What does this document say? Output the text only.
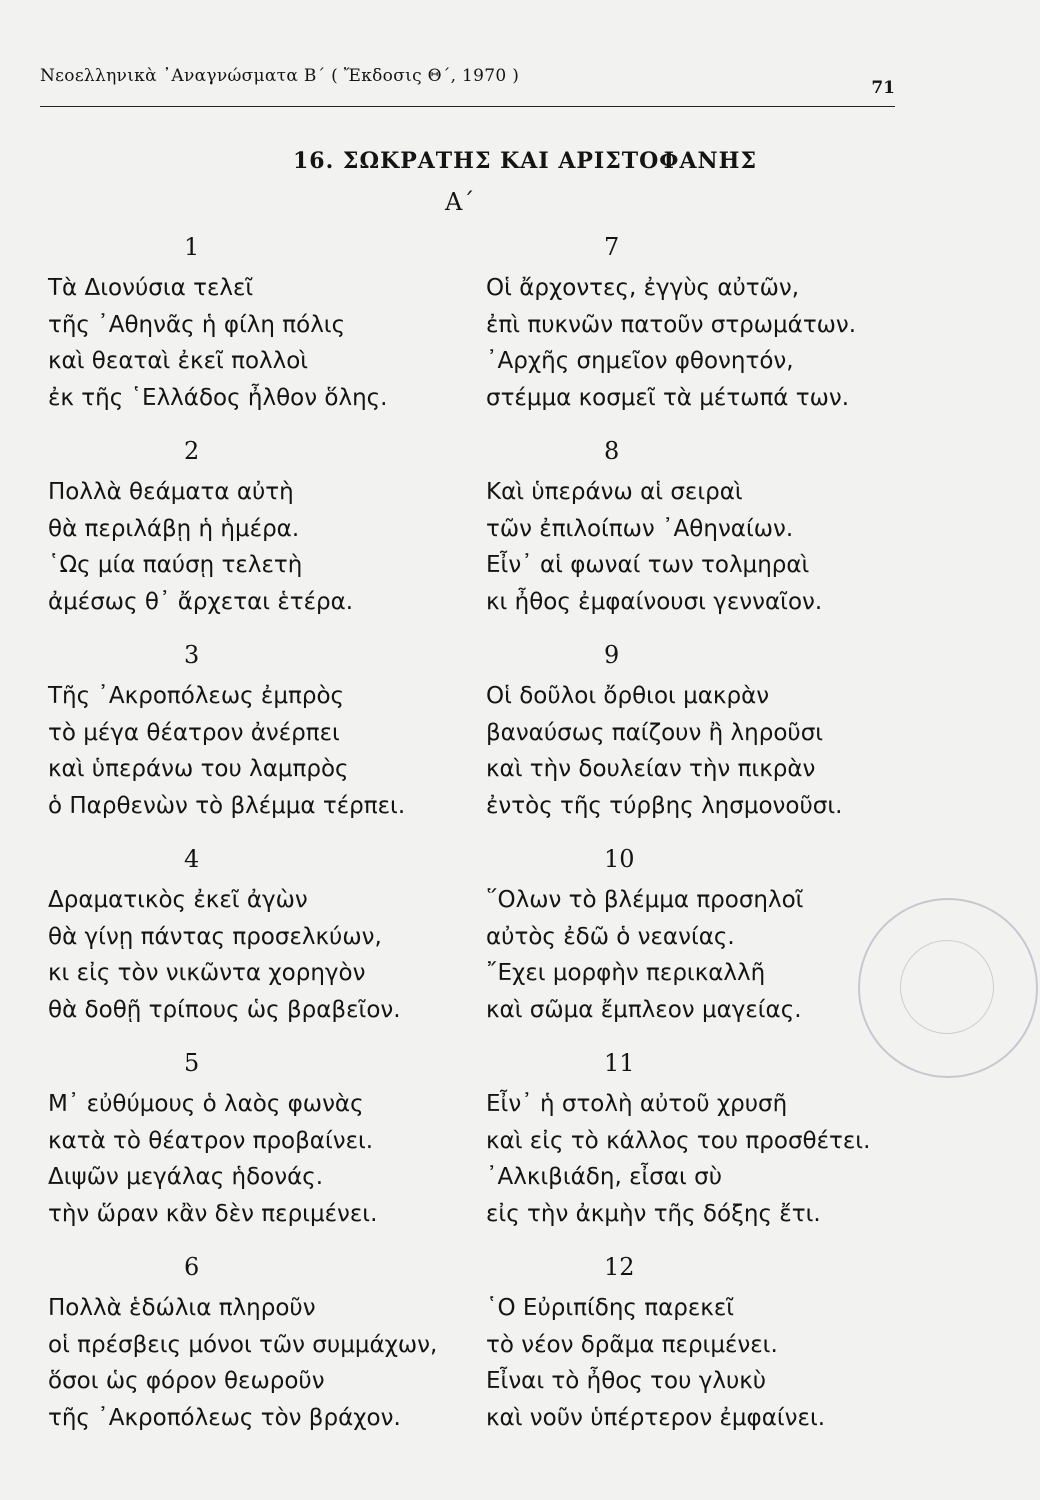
Νεοελληνικὰ ᾿Αναγνώσματα Β΄ ( Ἔκδοσις Θ΄, 1970 )
71
16. ΣΩΚΡΑΤΗΣ ΚΑΙ ΑΡΙΣΤΟΦΑΝΗΣ
Α΄
1
Τὰ Διονύσια τελεῖ
τῆς ᾿Αθηνᾶς ἡ φίλη πόλις
καὶ θεαταὶ ἐκεῖ πολλοὶ
ἐκ τῆς ῾Ελλάδος ἦλθον ὅλης.
2
Πολλὰ θεάματα αὐτὴ
θὰ περιλάβῃ ἡ ἡμέρα.
῾Ως μία παύσῃ τελετὴ
ἀμέσως θ᾿ ἄρχεται ἑτέρα.
3
Τῆς ᾿Ακροπόλεως ἐμπρὸς
τὸ μέγα θέατρον ἀνέρπει
καὶ ὑπεράνω του λαμπρὸς
ὁ Παρθενὼν τὸ βλέμμα τέρπει.
4
Δραματικὸς ἐκεῖ ἀγὼν
θὰ γίνῃ πάντας προσελκύων,
κι εἰς τὸν νικῶντα χορηγὸν
θὰ δοθῇ τρίπους ὡς βραβεῖον.
5
Μ᾿ εὐθύμους ὁ λαὸς φωνὰς
κατὰ τὸ θέατρον προβαίνει.
Διψῶν μεγάλας ἡδονάς.
τὴν ὥραν κἂν δὲν περιμένει.
6
Πολλὰ ἑδώλια πληροῦν
οἱ πρέσβεις μόνοι τῶν συμμάχων,
ὅσοι ὡς φόρον θεωροῦν
τῆς ᾿Ακροπόλεως τὸν βράχον.
7
Οἱ ἄρχοντες, ἐγγὺς αὐτῶν,
ἐπὶ πυκνῶν πατοῦν στρωμάτων.
᾿Αρχῆς σημεῖον φθονητόν,
στέμμα κοσμεῖ τὰ μέτωπά των.
8
Καὶ ὑπεράνω αἱ σειραὶ
τῶν ἐπιλοίπων ᾿Αθηναίων.
Εἶν᾿ αἱ φωναί των τολμηραὶ
κι ἦθος ἐμφαίνουσι γενναῖον.
9
Οἱ δοῦλοι ὄρθιοι μακρὰν
βαναύσως παίζουν ἢ ληροῦσι
καὶ τὴν δουλείαν τὴν πικρὰν
ἐντὸς τῆς τύρβης λησμονοῦσι.
10
῞Ολων τὸ βλέμμα προσηλοῖ
αὐτὸς ἐδῶ ὁ νεανίας.
῎Εχει μορφὴν περικαλλῆ
καὶ σῶμα ἔμπλεον μαγείας.
11
Εἶν᾿ ἡ στολὴ αὐτοῦ χρυσῆ
καὶ εἰς τὸ κάλλος του προσθέτει.
᾿Αλκιβιάδη, εἶσαι σὺ
εἰς τὴν ἀκμὴν τῆς δόξης ἔτι.
12
῾Ο Εὐριπίδης παρεκεῖ
τὸ νέον δρᾶμα περιμένει.
Εἶναι τὸ ἦθος του γλυκὺ
καὶ νοῦν ὑπέρτερον ἐμφαίνει.
